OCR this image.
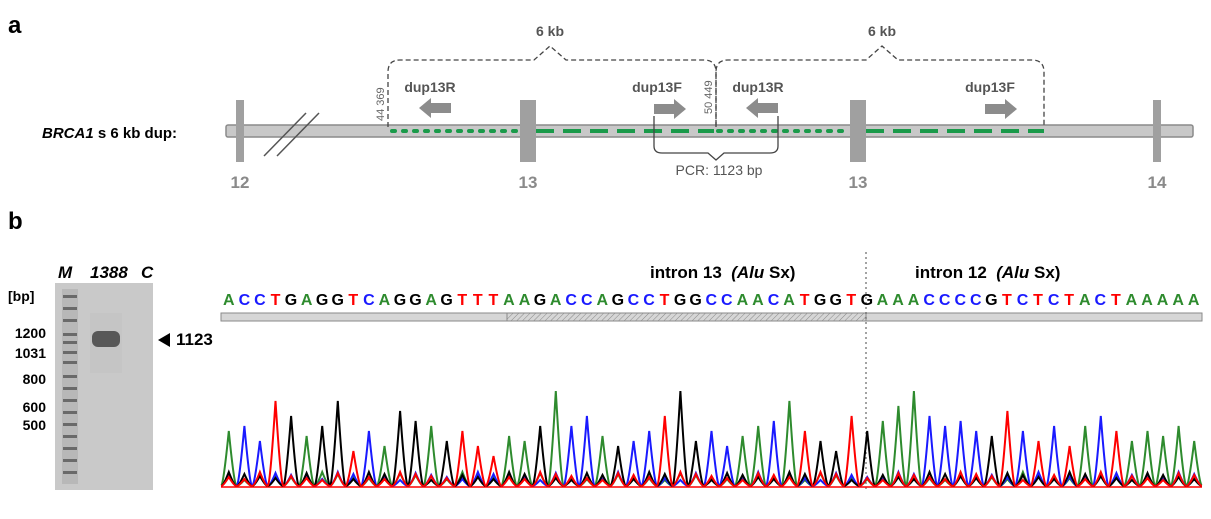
a
b
BRCA1 s 6 kb dup:
12	13	13	14
6 kb	6 kb
44 369	50 449
dup13R	dup13F	dup13R	dup13F
PCR: 1123 bp
M 1388 C
[bp]
1200
1031
800
600
500
1123
intron 13  (Alu Sx)	intron 12  (Alu Sx)
A C C T G A G G T C A G G A G T T T A A G A C C A G C C T G G C C A A C A T G G T G A A A C C C C G T C T C T A C T A A A A A
